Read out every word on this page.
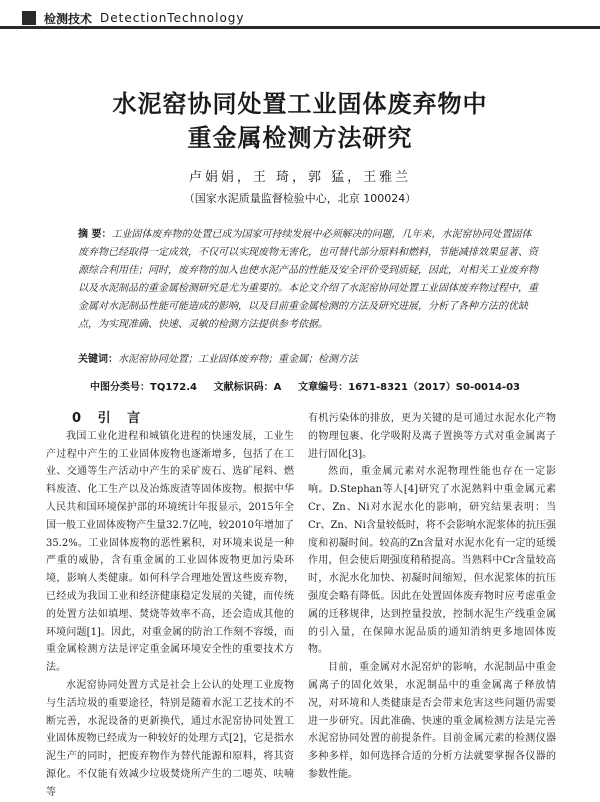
检测技术 DetectionTechnology
水泥窑协同处置工业固体废弃物中
重金属检测方法研究
卢娟娟，王 琦，郭 猛，王雅兰
（国家水泥质量监督检验中心，北京 100024）
摘 要：工业固体废弃物的处置已成为国家可持续发展中必须解决的问题，几年来，水泥窑协同处置固体废弃物已经取得一定成效，不仅可以实现废物无害化，也可替代部分原料和燃料，节能减排效果显著、资源综合利用佳；同时，废弃物的加入也使水泥产品的性能及安全评价受到质疑，因此，对相关工业废弃物以及水泥制品的重金属检测研究是尤为重要的。本论文介绍了水泥窑协同处置工业固体废弃物过程中，重金属对水泥制品性能可能造成的影响，以及目前重金属检测的方法及研究进展，分析了各种方法的优缺点，为实现准确、快速、灵敏的检测方法提供参考依据。
关键词：水泥窑协同处置；工业固体废弃物；重金属；检测方法
中图分类号：TQ172.4 文献标识码：A 文章编号：1671-8321（2017）S0-0014-03

0 引 言

我国工业化进程和城镇化进程的快速发展，工业生产过程中产生的工业固体废物也逐渐增多，包括了在工业、交通等生产活动中产生的采矿废石、选矿尾料、燃料废渣、化工生产以及冶炼废渣等固体废物。根据中华人民共和国环境保护部的环境统计年报显示，2015年全国一般工业固体废物产生量32.7亿吨，较2010年增加了35.2%。工业固体废物的恶性累积，对环境来说是一种严重的威胁，含有重金属的工业固体废物更加污染环境，影响人类健康。如何科学合理地处置这些废弃物，已经成为我国工业和经济健康稳定发展的关键，而传统的处置方法如填埋、焚烧等效率不高，还会造成其他的环境问题[1]。因此，对重金属的防治工作刻不容缓，而重金属检测方法是评定重金属环境安全性的重要技术方法。

水泥窑协同处置方式是社会上公认的处理工业废物与生活垃圾的重要途径，特别是随着水泥工艺技术的不断完善，水泥设备的更新换代，通过水泥窑协同处置工业固体废物已经成为一种较好的处理方式[2]，它是指水泥生产的同时，把废弃物作为替代能源和原料，将其资源化。不仅能有效减少垃圾焚烧所产生的二噁英、呋喃等

有机污染体的排放，更为关键的是可通过水泥水化产物的物理包裹、化学吸附及离子置换等方式对重金属离子进行固化[3]。

然而，重金属元素对水泥物理性能也存在一定影响。D.Stephan等人[4]研究了水泥熟料中重金属元素Cr、Zn、Ni对水泥水化的影响，研究结果表明：当Cr、Zn、Ni含量较低时，将不会影响水泥浆体的抗压强度和初凝时间。较高的Zn含量对水泥水化有一定的延缓作用，但会使后期强度稍稍提高。当熟料中Cr含量较高时，水泥水化加快、初凝时间缩短，但水泥浆体的抗压强度会略有降低。因此在处置固体废弃物时应考虑重金属的迁移规律，达到控量投放，控制水泥生产线重金属的引入量，在保障水泥品质的通知消纳更多地固体废物。

目前，重金属对水泥窑炉的影响，水泥制品中重金属离子的固化效果，水泥制品中的重金属离子释放情况，对环境和人类健康是否会带来危害这些问题仍需要进一步研究。因此准确、快速的重金属检测方法是完善水泥窑协同处置的前提条件。目前金属元素的检测仪器多种多样，如何选择合适的分析方法就要掌握各仪器的参数性能。
